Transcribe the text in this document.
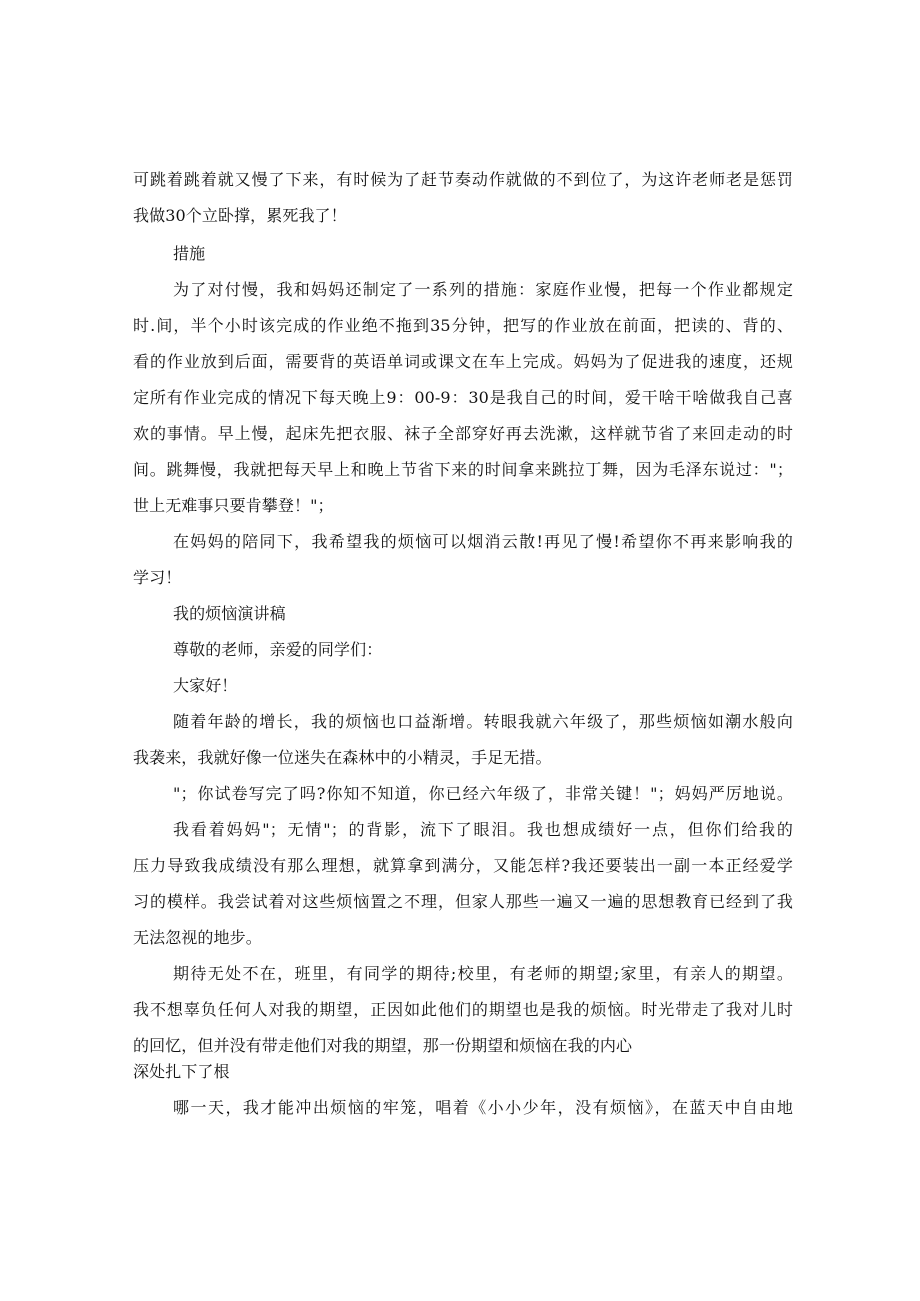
可跳着跳着就又慢了下来，有时候为了赶节奏动作就做的不到位了，为这许老师老是惩罚
我做30个立卧撑，累死我了！
措施
为了对付慢，我和妈妈还制定了一系列的措施：家庭作业慢，把每一个作业都规定
时.间，半个小时该完成的作业绝不拖到35分钟，把写的作业放在前面，把读的、背的、
看的作业放到后面，需要背的英语单词或课文在车上完成。妈妈为了促进我的速度，还规
定所有作业完成的情况下每天晚上9：00-9：30是我自己的时间，爱干啥干啥做我自己喜
欢的事情。早上慢，起床先把衣服、袜子全部穿好再去洗漱，这样就节省了来回走动的时
间。跳舞慢，我就把每天早上和晚上节省下来的时间拿来跳拉丁舞，因为毛泽东说过："；
世上无难事只要肯攀登！"；
在妈妈的陪同下，我希望我的烦恼可以烟消云散!再见了慢!希望你不再来影响我的
学习！
我的烦恼演讲稿
尊敬的老师，亲爱的同学们：
大家好！
随着年龄的增长，我的烦恼也口益渐增。转眼我就六年级了，那些烦恼如潮水般向
我袭来，我就好像一位迷失在森林中的小精灵，手足无措。
"；你试卷写完了吗?你知不知道，你已经六年级了，非常关键！"；妈妈严厉地说。
我看着妈妈"；无情"；的背影，流下了眼泪。我也想成绩好一点，但你们给我的
压力导致我成绩没有那么理想，就算拿到满分，又能怎样?我还要装出一副一本正经爱学
习的模样。我尝试着对这些烦恼置之不理，但家人那些一遍又一遍的思想教育已经到了我
无法忽视的地步。
期待无处不在，班里，有同学的期待;校里，有老师的期望;家里，有亲人的期望。
我不想辜负任何人对我的期望，正因如此他们的期望也是我的烦恼。时光带走了我对儿时
的回忆，但并没有带走他们对我的期望，那一份期望和烦恼在我的内心
深处扎下了根
哪一天，我才能冲出烦恼的牢笼，唱着《小小少年，没有烦恼》，在蓝天中自由地
